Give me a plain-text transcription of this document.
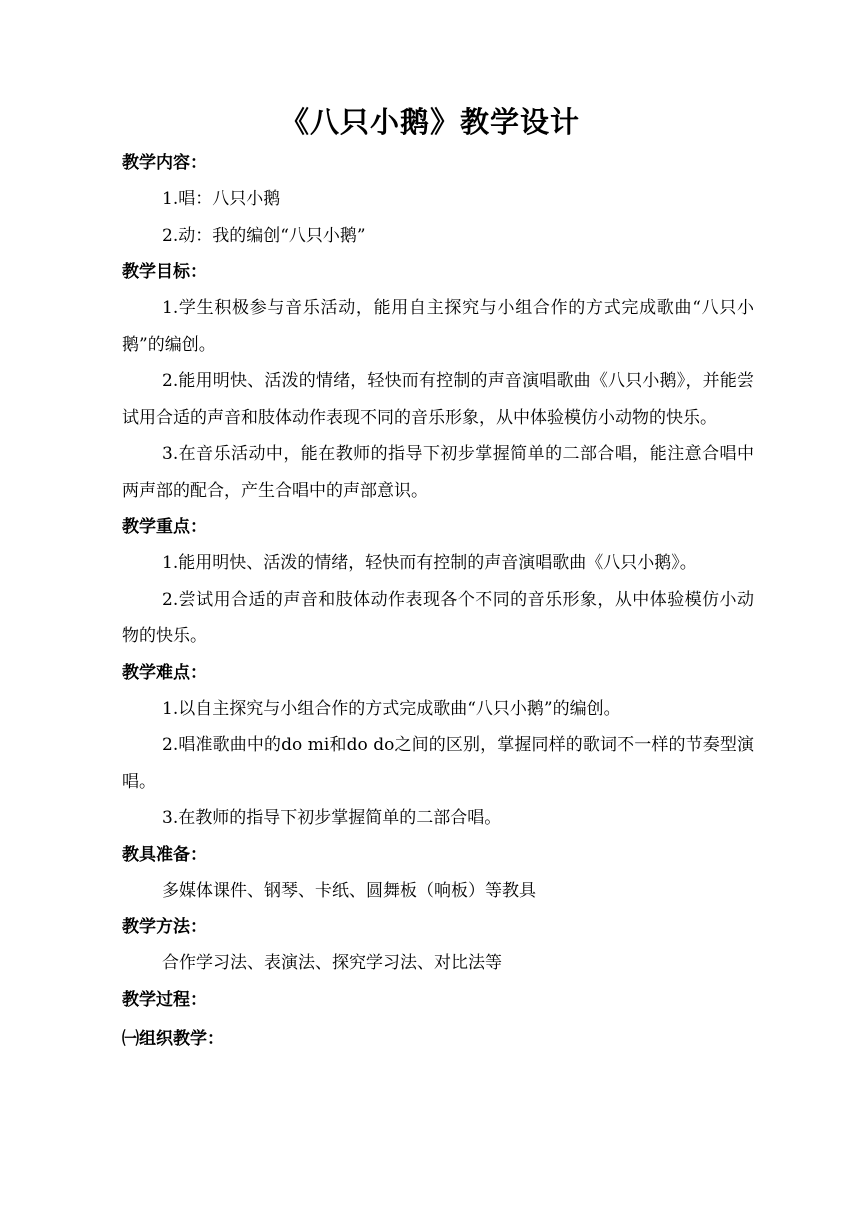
《八只小鹅》教学设计
教学内容：
1.唱：八只小鹅
2.动：我的编创“八只小鹅”
教学目标：
1.学生积极参与音乐活动，能用自主探究与小组合作的方式完成歌曲“八只小鹅”的编创。
2.能用明快、活泼的情绪，轻快而有控制的声音演唱歌曲《八只小鹅》，并能尝试用合适的声音和肢体动作表现不同的音乐形象，从中体验模仿小动物的快乐。
3.在音乐活动中，能在教师的指导下初步掌握简单的二部合唱，能注意合唱中两声部的配合，产生合唱中的声部意识。
教学重点：
1.能用明快、活泼的情绪，轻快而有控制的声音演唱歌曲《八只小鹅》。
2.尝试用合适的声音和肢体动作表现各个不同的音乐形象，从中体验模仿小动物的快乐。
教学难点：
1.以自主探究与小组合作的方式完成歌曲“八只小鹅”的编创。
2.唱准歌曲中的do mi和do do之间的区别，掌握同样的歌词不一样的节奏型演唱。
3.在教师的指导下初步掌握简单的二部合唱。
教具准备：
多媒体课件、钢琴、卡纸、圆舞板（响板）等教具
教学方法：
合作学习法、表演法、探究学习法、对比法等
教学过程：
㈠组织教学：
